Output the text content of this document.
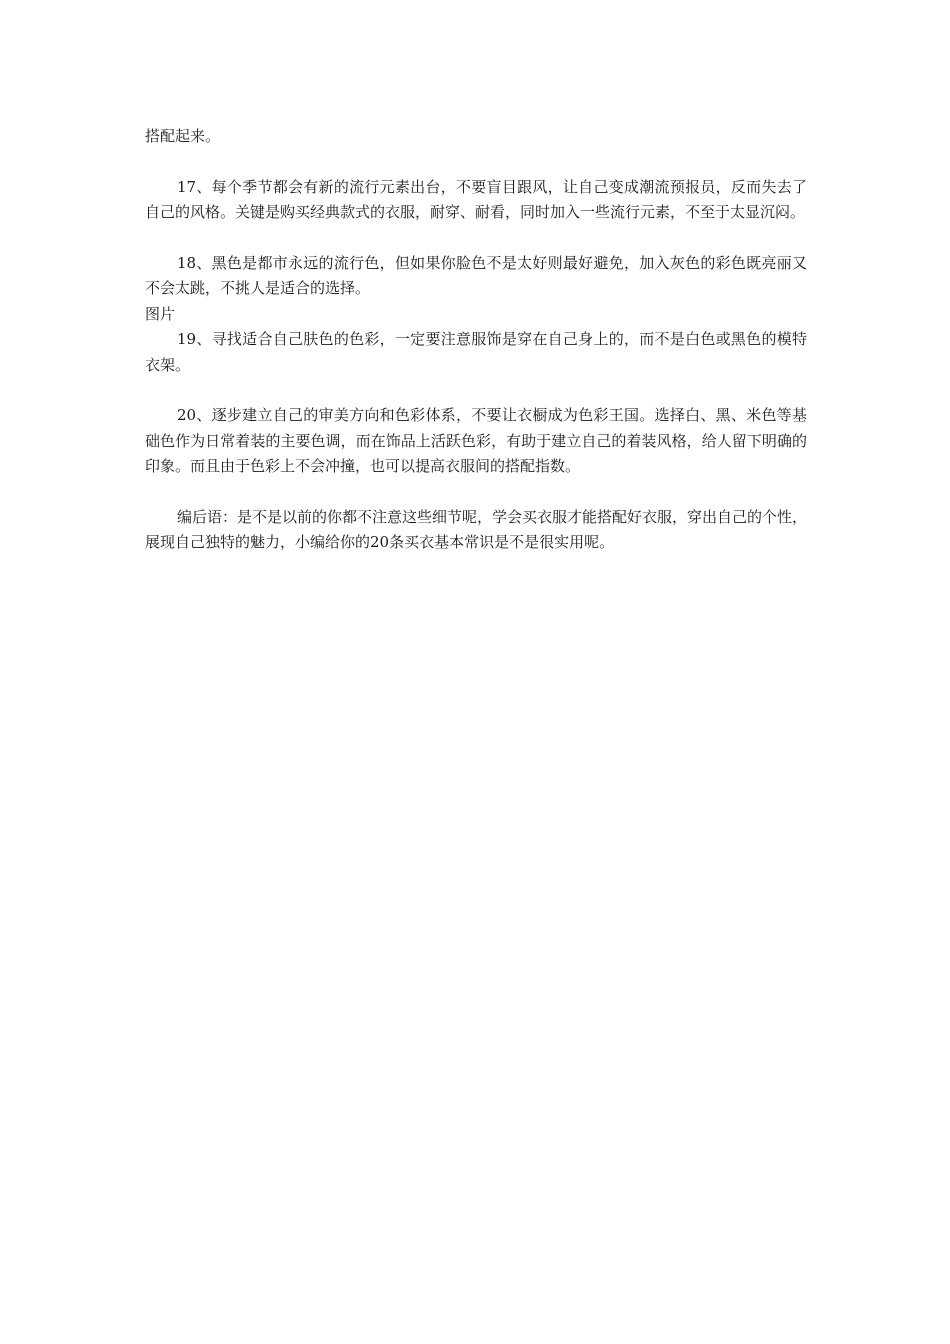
搭配起来。

17、每个季节都会有新的流行元素出台，不要盲目跟风，让自己变成潮流预报员，反而失去了自己的风格。关键是购买经典款式的衣服，耐穿、耐看，同时加入一些流行元素，不至于太显沉闷。

18、黑色是都市永远的流行色，但如果你脸色不是太好则最好避免，加入灰色的彩色既亮丽又不会太跳，不挑人是适合的选择。

图片

19、寻找适合自己肤色的色彩，一定要注意服饰是穿在自己身上的，而不是白色或黑色的模特衣架。

20、逐步建立自己的审美方向和色彩体系，不要让衣橱成为色彩王国。选择白、黑、米色等基础色作为日常着装的主要色调，而在饰品上活跃色彩，有助于建立自己的着装风格，给人留下明确的印象。而且由于色彩上不会冲撞，也可以提高衣服间的搭配指数。

编后语：是不是以前的你都不注意这些细节呢，学会买衣服才能搭配好衣服，穿出自己的个性，展现自己独特的魅力，小编给你的20条买衣基本常识是不是很实用呢。
